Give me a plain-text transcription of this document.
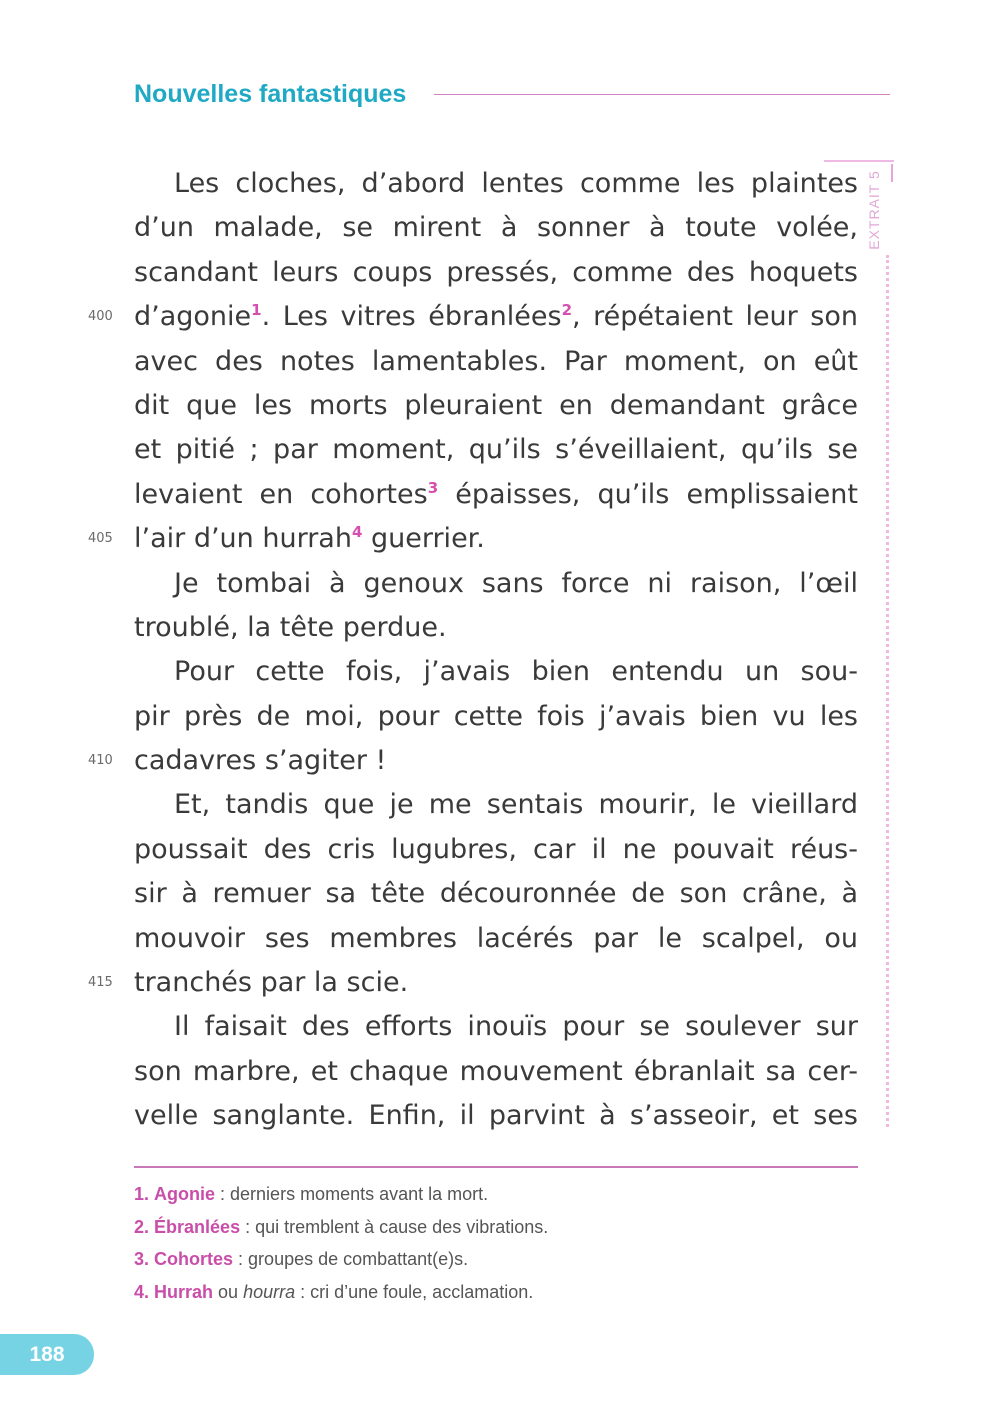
Nouvelles fantastiques
EXTRAIT 5
Les cloches, d’abord lentes comme les plaintes
d’un malade, se mirent à sonner à toute volée,
scandant leurs coups pressés, comme des hoquets
400 d’agonie$^1$. Les vitres ébranlées$^2$, répétaient leur son
avec des notes lamentables. Par moment, on eût
dit que les morts pleuraient en demandant grâce
et pitié ; par moment, qu’ils s’éveillaient, qu’ils se
levaient en cohortes$^3$ épaisses, qu’ils emplissaient
405 l’air d’un hurrah$^4$ guerrier.
Je tombai à genoux sans force ni raison, l’œil
troublé, la tête perdue.
Pour cette fois, j’avais bien entendu un sou-
pir près de moi, pour cette fois j’avais bien vu les
410 cadavres s’agiter !
Et, tandis que je me sentais mourir, le vieillard
poussait des cris lugubres, car il ne pouvait réus-
sir à remuer sa tête découronnée de son crâne, à
mouvoir ses membres lacérés par le scalpel, ou
415 tranchés par la scie.
Il faisait des efforts inouïs pour se soulever sur
son marbre, et chaque mouvement ébranlait sa cer-
velle sanglante. Enfin, il parvint à s’asseoir, et ses
1. Agonie : derniers moments avant la mort.
2. Ébranlées : qui tremblent à cause des vibrations.
3. Cohortes : groupes de combattant(e)s.
4. Hurrah ou hourra : cri d’une foule, acclamation.
188
